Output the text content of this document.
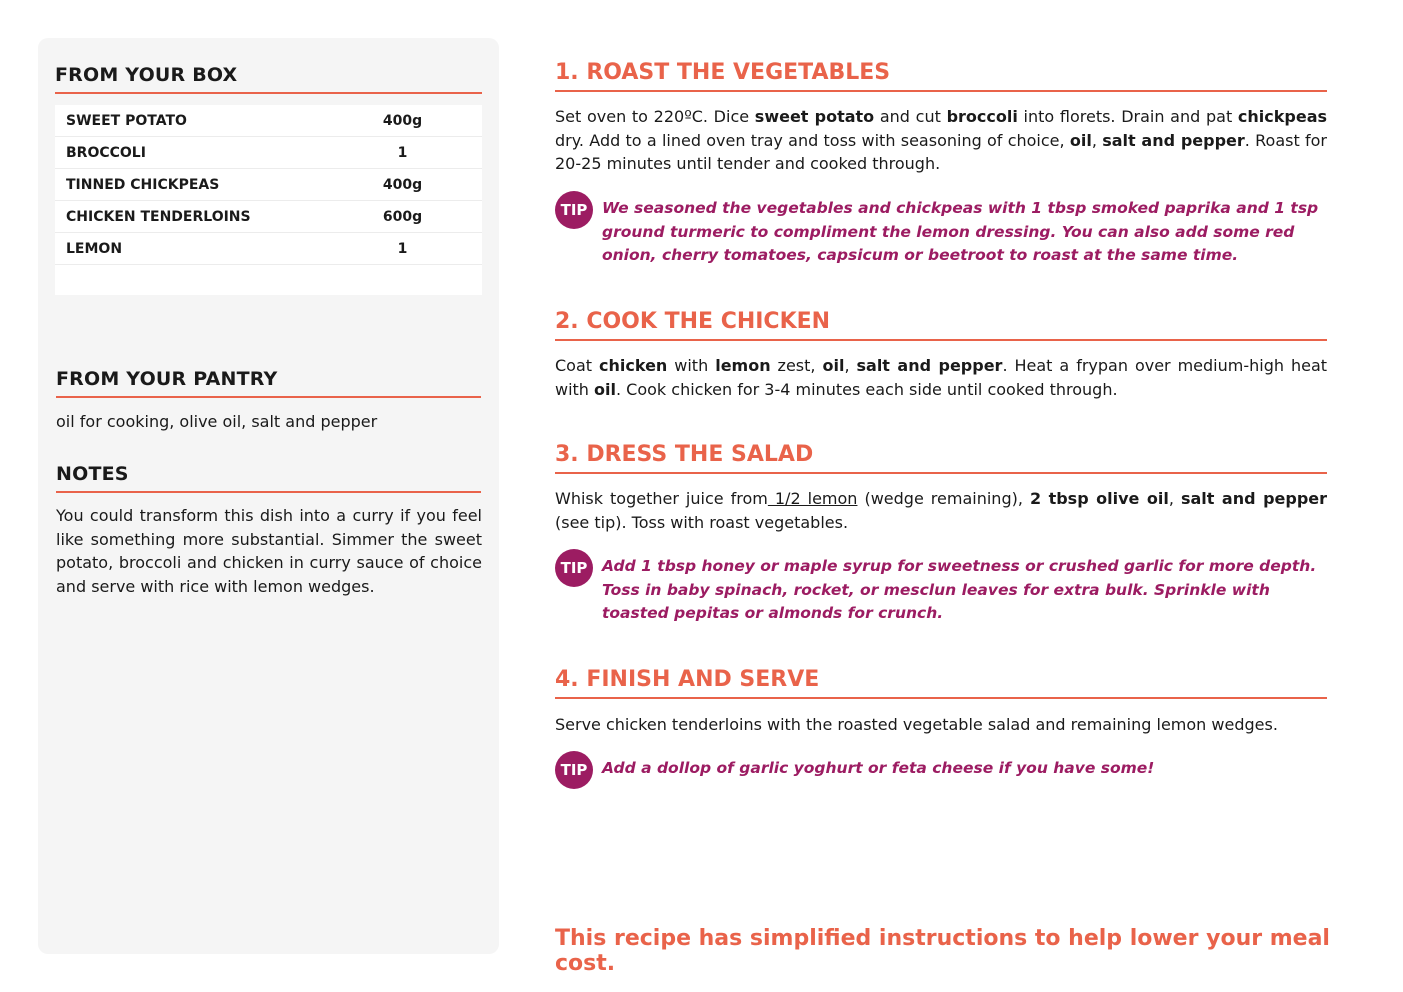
FROM YOUR BOX
SWEET POTATO	400g
BROCCOLI	1
TINNED CHICKPEAS	400g
CHICKEN TENDERLOINS	600g
LEMON	1
FROM YOUR PANTRY
oil for cooking, olive oil, salt and pepper
NOTES
You could transform this dish into a curry if you feel like something more substantial. Simmer the sweet potato, broccoli and chicken in curry sauce of choice and serve with rice with lemon wedges.
1. ROAST THE VEGETABLES
Set oven to 220ºC. Dice sweet potato and cut broccoli into florets. Drain and pat chickpeas dry. Add to a lined oven tray and toss with seasoning of choice, oil, salt and pepper. Roast for 20-25 minutes until tender and cooked through.
TIP We seasoned the vegetables and chickpeas with 1 tbsp smoked paprika and 1 tsp ground turmeric to compliment the lemon dressing. You can also add some red onion, cherry tomatoes, capsicum or beetroot to roast at the same time.
2. COOK THE CHICKEN
Coat chicken with lemon zest, oil, salt and pepper. Heat a frypan over medium-high heat with oil. Cook chicken for 3-4 minutes each side until cooked through.
3. DRESS THE SALAD
Whisk together juice from 1/2 lemon (wedge remaining), 2 tbsp olive oil, salt and pepper (see tip). Toss with roast vegetables.
TIP Add 1 tbsp honey or maple syrup for sweetness or crushed garlic for more depth. Toss in baby spinach, rocket, or mesclun leaves for extra bulk. Sprinkle with toasted pepitas or almonds for crunch.
4. FINISH AND SERVE
Serve chicken tenderloins with the roasted vegetable salad and remaining lemon wedges.
TIP Add a dollop of garlic yoghurt or feta cheese if you have some!
This recipe has simplified instructions to help lower your meal cost.
